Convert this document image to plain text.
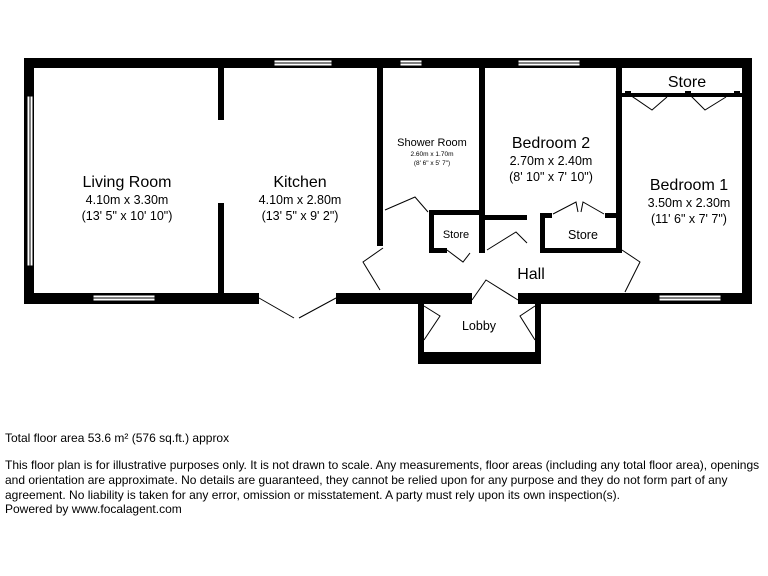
Living Room
4.10m x 3.30m
(13' 5" x 10' 10")
Kitchen
4.10m x 2.80m
(13' 5" x 9' 2")
Shower Room
2.60m x 1.70m
(8' 6" x 5' 7")
Bedroom 2
2.70m x 2.40m
(8' 10" x 7' 10")	Bedroom 1
3.50m x 2.30m
(11' 6" x 7' 7")
Store
Store	Store
Hall
Lobby

Total floor area 53.6 m² (576 sq.ft.) approx

This floor plan is for illustrative purposes only. It is not drawn to scale. Any measurements, floor areas (including any total floor area), openings and orientation are approximate. No details are guaranteed, they cannot be relied upon for any purpose and they do not form part of any agreement. No liability is taken for any error, omission or misstatement. A party must rely upon its own inspection(s).

Powered by www.focalagent.com
